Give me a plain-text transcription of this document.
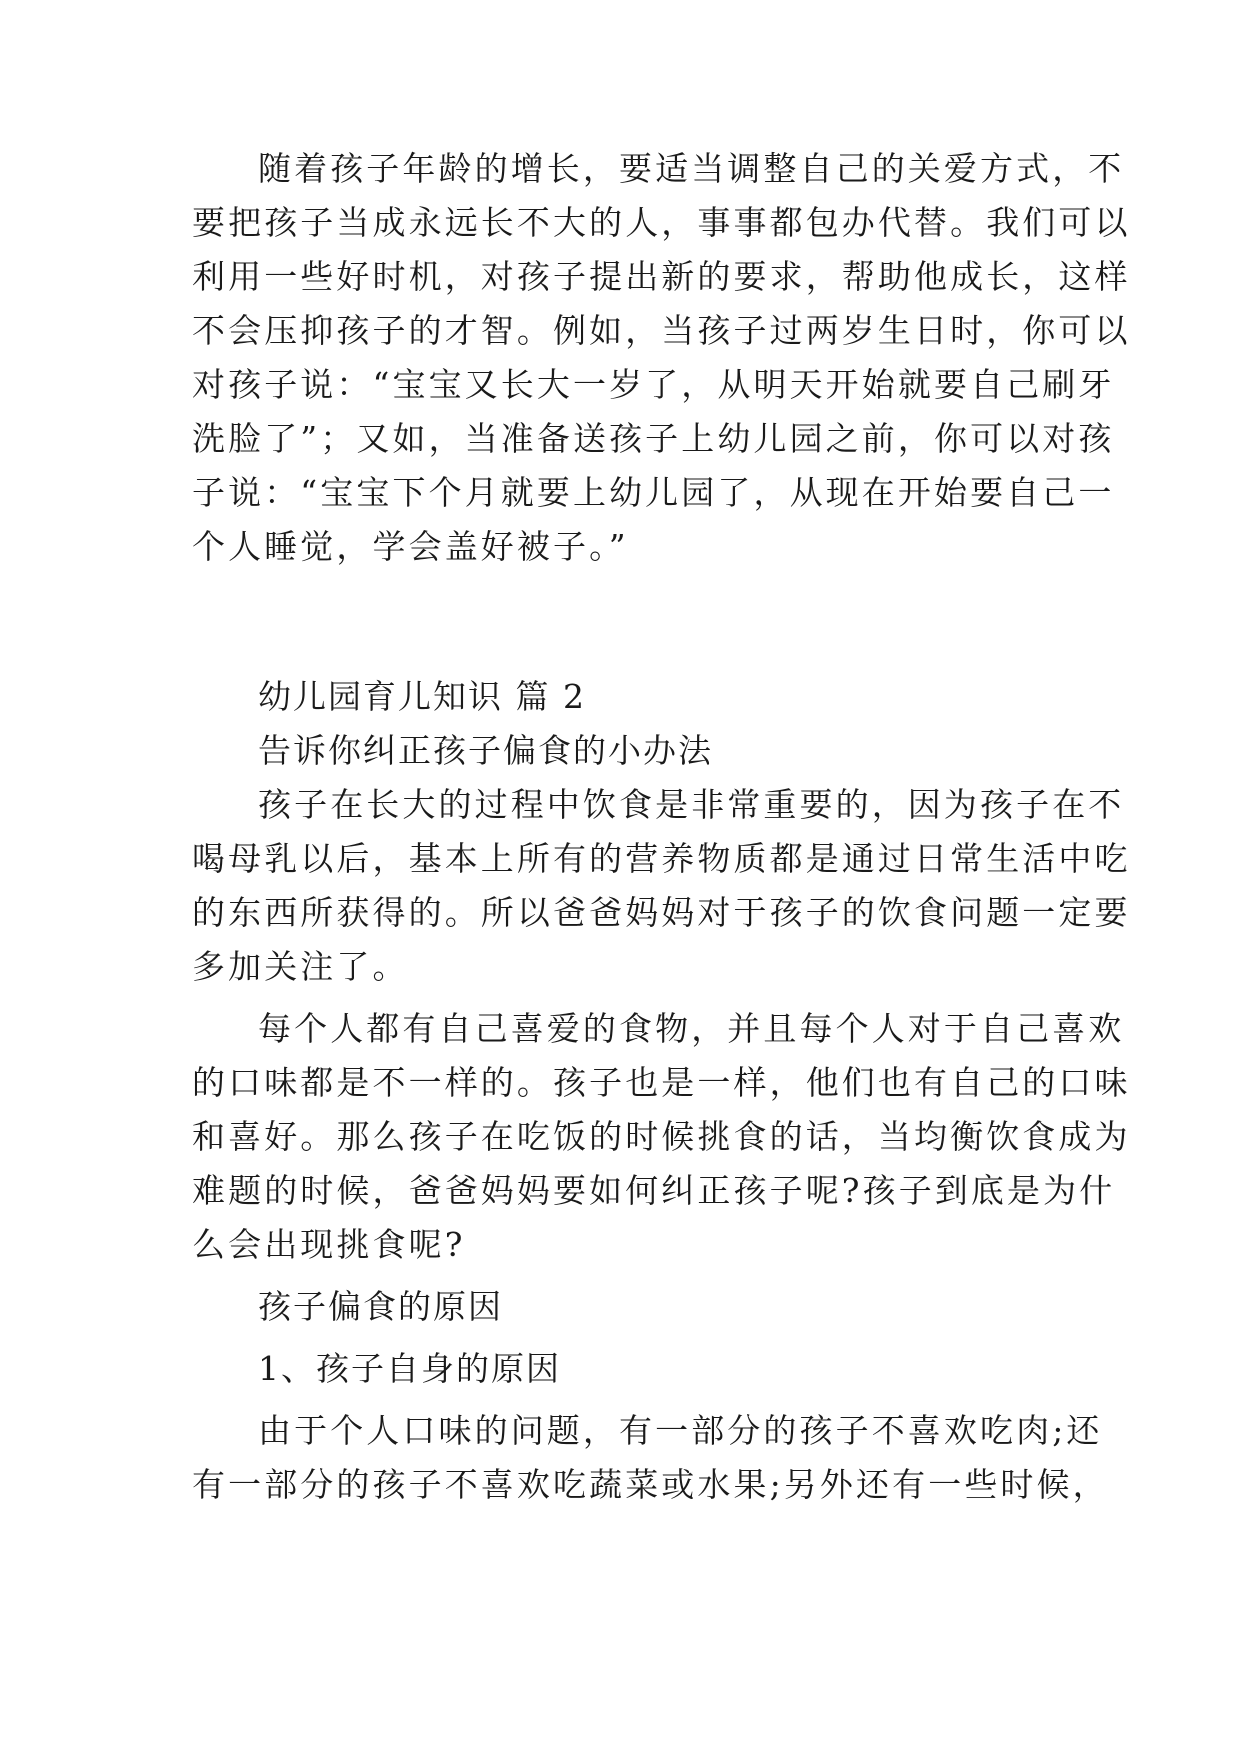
随着孩子年龄的增长，要适当调整自己的关爱方式，不
要把孩子当成永远长不大的人，事事都包办代替。我们可以
利用一些好时机，对孩子提出新的要求，帮助他成长，这样
不会压抑孩子的才智。例如，当孩子过两岁生日时，你可以
对孩子说：“宝宝又长大一岁了，从明天开始就要自己刷牙
洗脸了”；又如，当准备送孩子上幼儿园之前，你可以对孩
子说：“宝宝下个月就要上幼儿园了，从现在开始要自己一
个人睡觉，学会盖好被子。”
幼儿园育儿知识 篇 2
告诉你纠正孩子偏食的小办法
孩子在长大的过程中饮食是非常重要的，因为孩子在不
喝母乳以后，基本上所有的营养物质都是通过日常生活中吃
的东西所获得的。所以爸爸妈妈对于孩子的饮食问题一定要
多加关注了。
每个人都有自己喜爱的食物，并且每个人对于自己喜欢
的口味都是不一样的。孩子也是一样，他们也有自己的口味
和喜好。那么孩子在吃饭的时候挑食的话，当均衡饮食成为
难题的时候，爸爸妈妈要如何纠正孩子呢?孩子到底是为什
么会出现挑食呢?
孩子偏食的原因
1、孩子自身的原因
由于个人口味的问题，有一部分的孩子不喜欢吃肉;还
有一部分的孩子不喜欢吃蔬菜或水果;另外还有一些时候，
